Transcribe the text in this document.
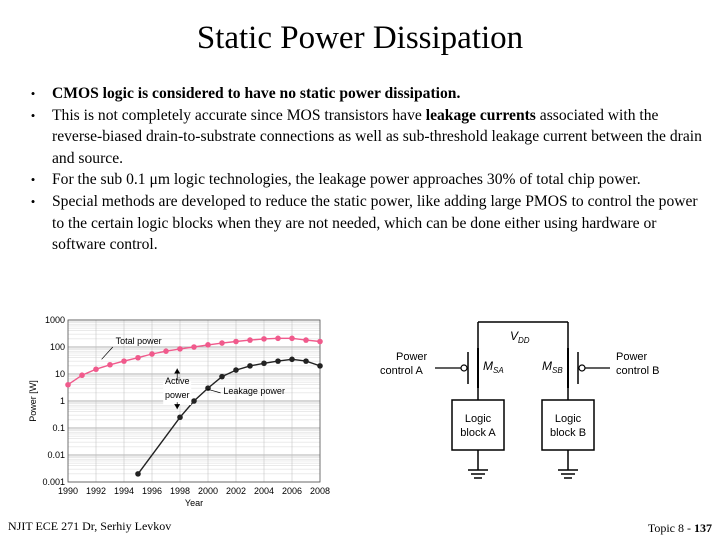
Static Power Dissipation
•	CMOS logic is considered to have no static power dissipation.
•	This is not completely accurate since MOS transistors have leakage currents associated with the reverse-biased drain-to-substrate connections as well as sub-threshold leakage current between the drain and source.
•	For the sub 0.1 μm logic technologies, the leakage power approaches 30% of total chip power.
•	Special methods are developed to reduce the static power, like adding large PMOS to control the power to the certain logic blocks when they are not needed, which can be done either using hardware or software control.
0.001
0.01
0.1
1
10
100
1000
1990 1992 1994 1996 1998 2000 2002 2004 2006 2008
Year
Power [W]
Total power
Active
power	Leakage power
$V_{DD}$
$M_{SA}$
Power
control A	$M_{SB}$
Power
control B
Logic
block A
Logic
block B
NJIT ECE 271 Dr, Serhiy Levkov	Topic 8 - 137
